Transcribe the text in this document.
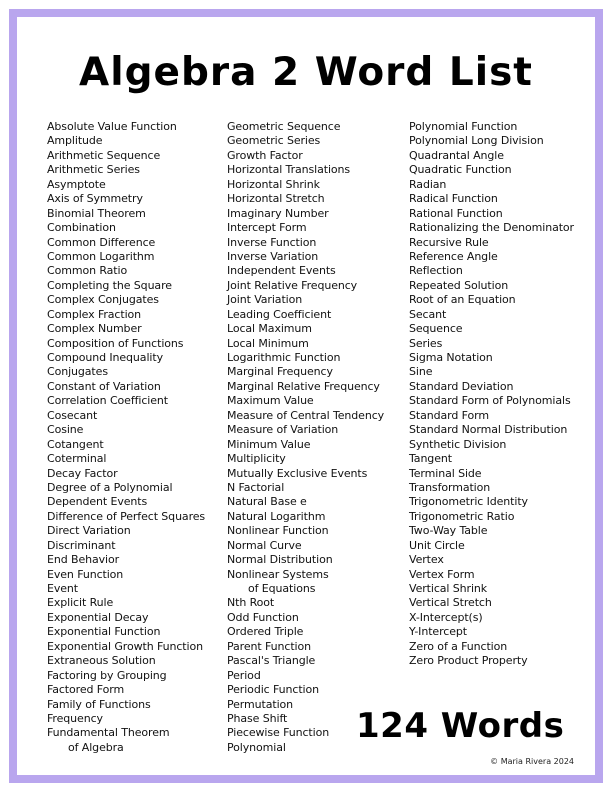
Algebra 2 Word List
Absolute Value Function
Amplitude
Arithmetic Sequence
Arithmetic Series
Asymptote
Axis of Symmetry
Binomial Theorem
Combination
Common Difference
Common Logarithm
Common Ratio
Completing the Square
Complex Conjugates
Complex Fraction
Complex Number
Composition of Functions
Compound Inequality
Conjugates
Constant of Variation
Correlation Coefficient
Cosecant
Cosine
Cotangent
Coterminal
Decay Factor
Degree of a Polynomial
Dependent Events
Difference of Perfect Squares
Direct Variation
Discriminant
End Behavior
Even Function
Event
Explicit Rule
Exponential Decay
Exponential Function
Exponential Growth Function
Extraneous Solution
Factoring by Grouping
Factored Form
Family of Functions
Frequency
Fundamental Theorem
of Algebra
Geometric Sequence
Geometric Series
Growth Factor
Horizontal Translations
Horizontal Shrink
Horizontal Stretch
Imaginary Number
Intercept Form
Inverse Function
Inverse Variation
Independent Events
Joint Relative Frequency
Joint Variation
Leading Coefficient
Local Maximum
Local Minimum
Logarithmic Function
Marginal Frequency
Marginal Relative Frequency
Maximum Value
Measure of Central Tendency
Measure of Variation
Minimum Value
Multiplicity
Mutually Exclusive Events
N Factorial
Natural Base e
Natural Logarithm
Nonlinear Function
Normal Curve
Normal Distribution
Nonlinear Systems
of Equations
Nth Root
Odd Function
Ordered Triple
Parent Function
Pascal's Triangle
Period
Periodic Function
Permutation
Phase Shift
Piecewise Function
Polynomial
Polynomial Function
Polynomial Long Division
Quadrantal Angle
Quadratic Function
Radian
Radical Function
Rational Function
Rationalizing the Denominator
Recursive Rule
Reference Angle
Reflection
Repeated Solution
Root of an Equation
Secant
Sequence
Series
Sigma Notation
Sine
Standard Deviation
Standard Form of Polynomials
Standard Form
Standard Normal Distribution
Synthetic Division
Tangent
Terminal Side
Transformation
Trigonometric Identity
Trigonometric Ratio
Two-Way Table
Unit Circle
Vertex
Vertex Form
Vertical Shrink
Vertical Stretch
X-Intercept(s)
Y-Intercept
Zero of a Function
Zero Product Property
124 Words
© Maria Rivera 2024
